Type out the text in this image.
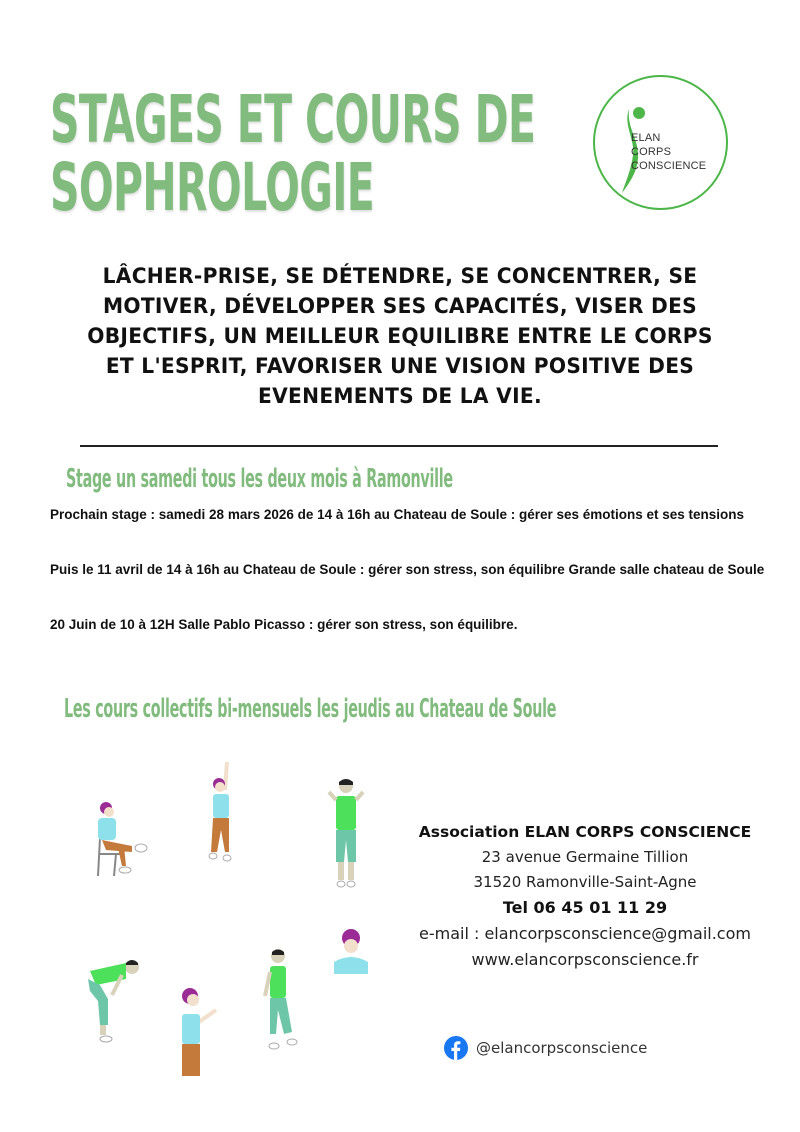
STAGES ET COURS DE
SOPHROLOGIE
ELAN
CORPS
CONSCIENCE
LÂCHER-PRISE, SE DÉTENDRE, SE CONCENTRER, SE MOTIVER, DÉVELOPPER SES CAPACITÉS, VISER DES OBJECTIFS, UN MEILLEUR EQUILIBRE ENTRE LE CORPS ET L'ESPRIT, FAVORISER UNE VISION POSITIVE DES EVENEMENTS DE LA VIE.
Stage un samedi tous les deux mois à Ramonville

Prochain stage : samedi 28 mars 2026 de 14 à 16h au Chateau de Soule : gérer ses émotions et ses tensions

Puis le 11 avril de 14 à 16h au Chateau de Soule : gérer son stress, son équilibre Grande salle chateau de Soule

20 Juin de 10 à 12H Salle Pablo Picasso : gérer son stress, son équilibre.

Les cours collectifs bi-mensuels les jeudis au Chateau de Soule
Association ELAN CORPS CONSCIENCE
23 avenue Germaine Tillion
31520 Ramonville-Saint-Agne
Tel 06 45 01 11 29
e-mail : elancorpsconscience@gmail.com
www.elancorpsconscience.fr
@elancorpsconscience
